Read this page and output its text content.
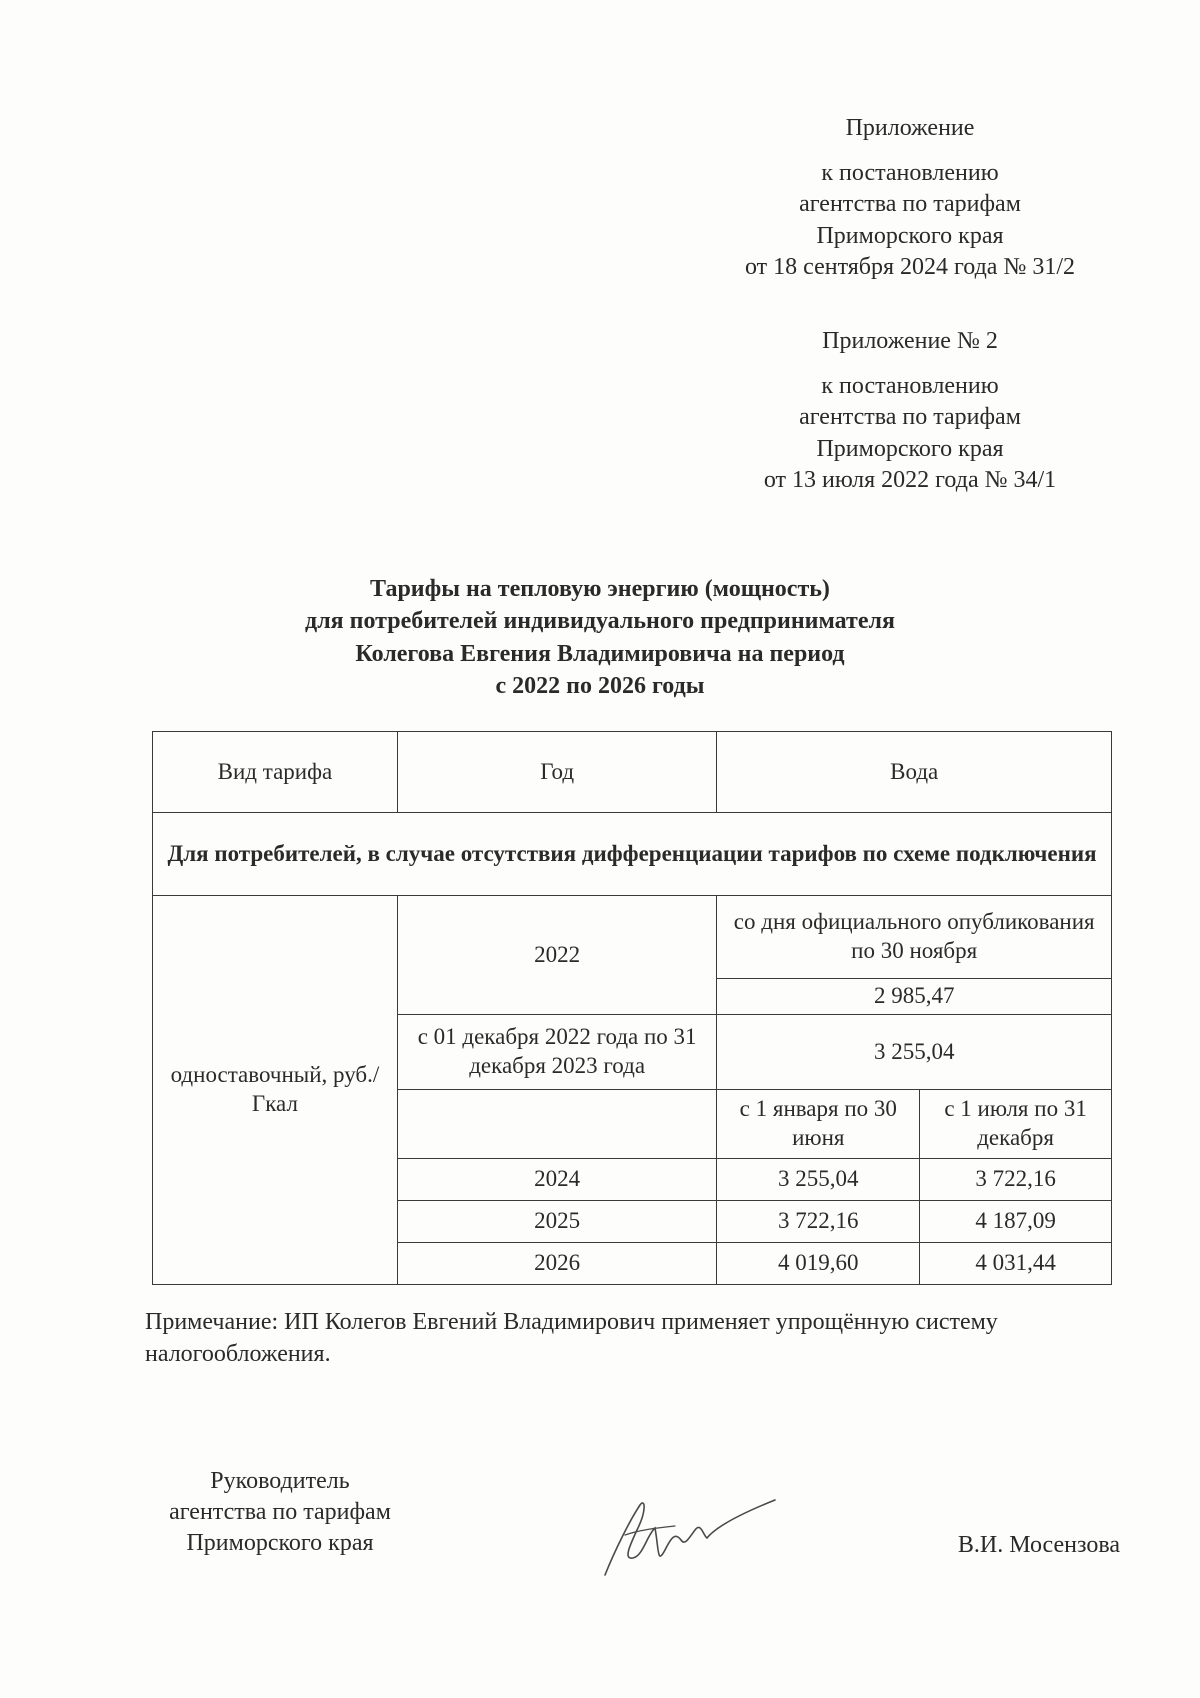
Приложение
к постановлению
агентства по тарифам
Приморского края
от 18 сентября 2024 года № 31/2
Приложение № 2
к постановлению
агентства по тарифам
Приморского края
от 13 июля 2022 года № 34/1
Тарифы на тепловую энергию (мощность)
для потребителей индивидуального предпринимателя
Колегова Евгения Владимировича на период
с 2022 по 2026 годы
Вид тарифа	Год	Вода	
Для потребителей, в случае отсутствия дифференциации тарифов по схеме подключения			
одноставочный, руб./Гкал	2022	со дня официального опубликования по 30 ноября	
		2 985,47	
	с 01 декабря 2022 года по 31 декабря 2023 года	3 255,04	
		с 1 января по 30 июня	с 1 июля по 31 декабря
	2024	3 255,04	3 722,16
	2025	3 722,16	4 187,09
	2026	4 019,60	4 031,44
Примечание: ИП Колегов Евгений Владимирович применяет упрощённую систему налогообложения.
Руководитель
агентства по тарифам
Приморского края	В.И. Мосензова
